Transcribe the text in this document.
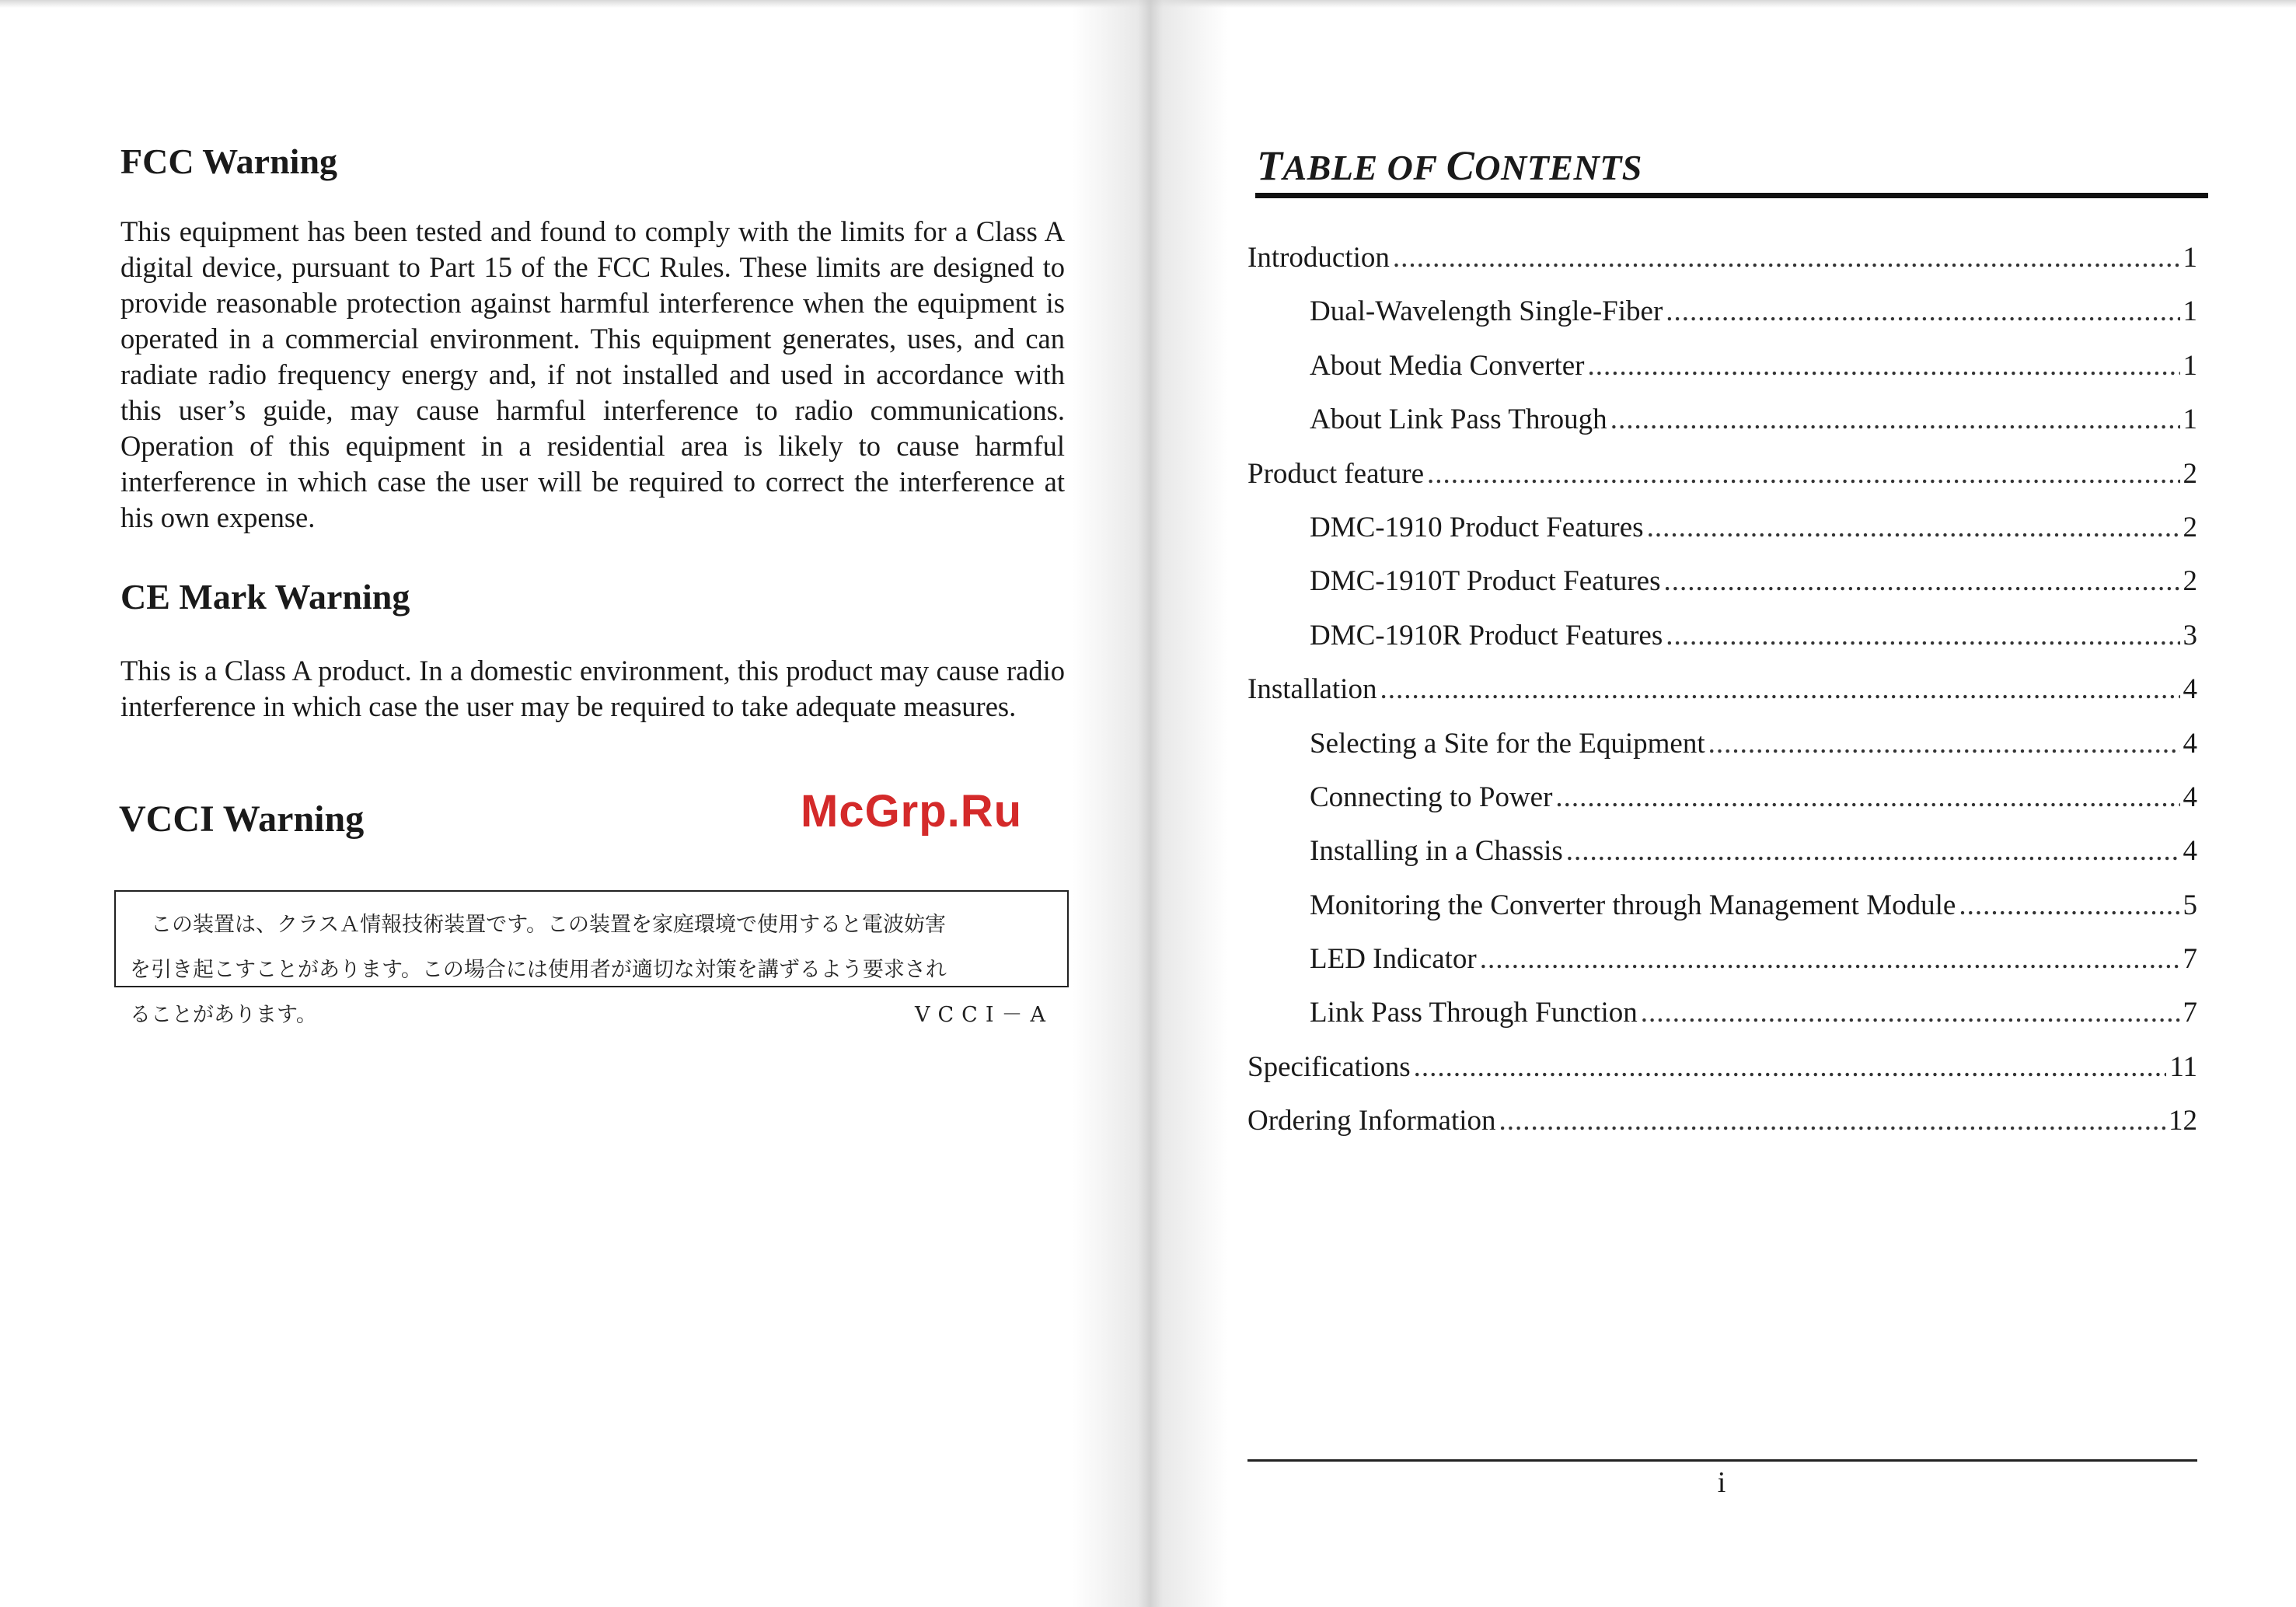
FCC Warning

This equipment has been tested and found to comply with the limits for a Class A digital device, pursuant to Part 15 of the FCC Rules. These limits are designed to provide reasonable protection against harmful interference when the equipment is operated in a commercial environment. This equipment generates, uses, and can radiate radio frequency energy and, if not installed and used in accordance with this user’s guide, may cause harmful interference to radio communications. Operation of this equipment in a residential area is likely to cause harmful interference in which case the user will be required to correct the interference at his own expense.

CE Mark Warning

This is a Class A product. In a domestic environment, this product may cause radio interference in which case the user may be required to take adequate measures.

VCCI Warning
この装置は、クラスＡ情報技術装置です。この装置を家庭環境で使用すると電波妨害
を引き起こすことがあります。この場合には使用者が適切な対策を講ずるよう要求され
ることがあります。	VCCI－A
McGrp.Ru
TABLE OF CONTENTS
Introduction .....	1
Dual-Wavelength Single-Fiber .....	1
About Media Converter .....	1
About Link Pass Through .....	1
Product feature .....	2
DMC-1910 Product Features .....	2
DMC-1910T Product Features .....	2
DMC-1910R Product Features .....	3
Installation .....	4
Selecting a Site for the Equipment .....	4
Connecting to Power .....	4
Installing in a Chassis .....	4
Monitoring the Converter through Management Module .....	5
LED Indicator .....	7
Link Pass Through Function .....	7
Specifications .....	11
Ordering Information .....	12
i
